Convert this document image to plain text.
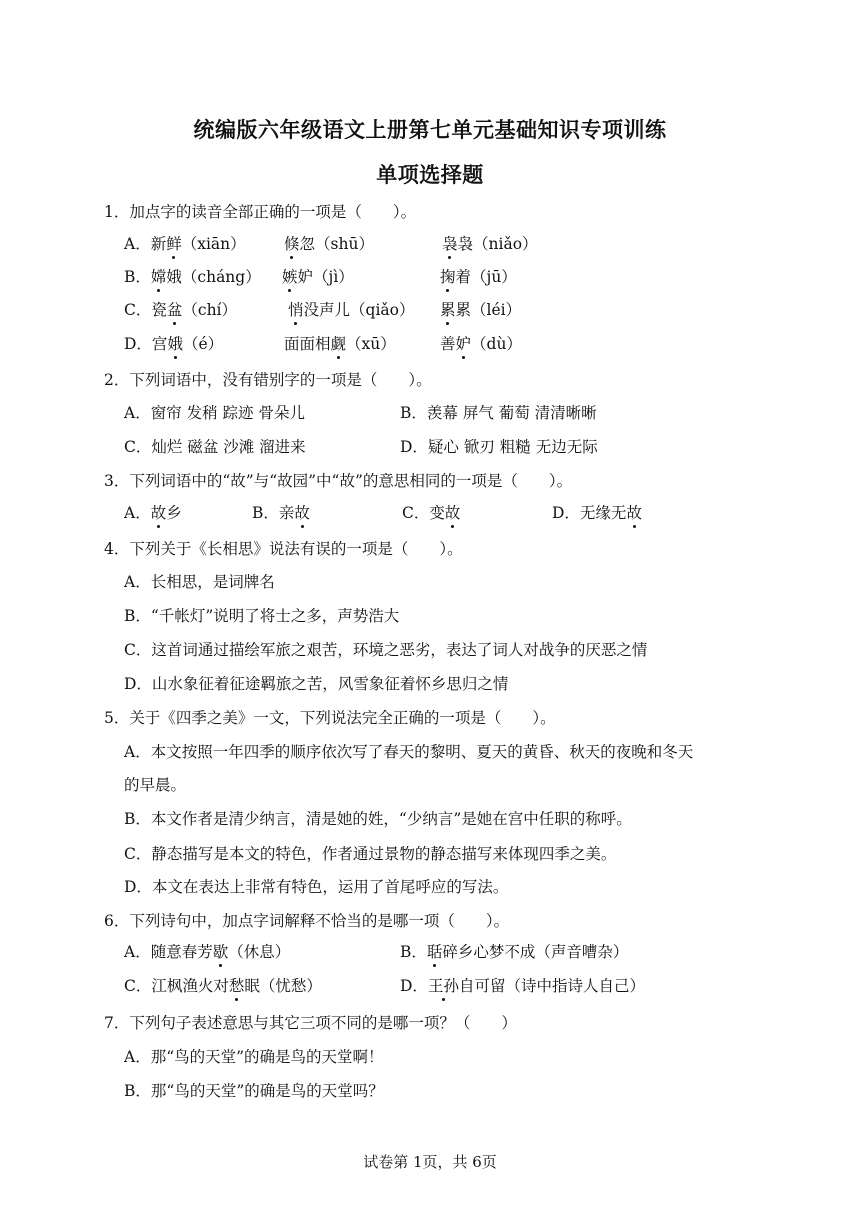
统编版六年级语文上册第七单元基础知识专项训练
单项选择题
1．加点字的读音全部正确的一项是（　　）。
A．新鲜（xiān） 倏忽（shū）	袅袅（niǎo）
B．嫦娥（cháng） 嫉妒（jì）	掬着（jū）
C．瓷盆（chí）	悄没声儿（qiǎo） 累累（léi）
D．宫娥（é）	面面相觑（xū）	善妒（dù）
2．下列词语中，没有错别字的一项是（　　）。
A．窗帘 发稍 踪迹 骨朵儿	B．羡幕 屏气 葡萄 清清晰晰
C．灿烂 磁盆 沙滩 溜进来	D．疑心 锨刃 粗糙 无边无际
3．下列词语中的“故”与“故园”中“故”的意思相同的一项是（　　）。
A．故乡	B．亲故	C．变故	D．无缘无故
4．下列关于《长相思》说法有误的一项是（　　）。
A．长相思，是词牌名
B．“千帐灯”说明了将士之多，声势浩大
C．这首词通过描绘军旅之艰苦，环境之恶劣，表达了词人对战争的厌恶之情
D．山水象征着征途羁旅之苦，风雪象征着怀乡思归之情
5．关于《四季之美》一文，下列说法完全正确的一项是（　　）。
A．本文按照一年四季的顺序依次写了春天的黎明、夏天的黄昏、秋天的夜晚和冬天
的早晨。
B．本文作者是清少纳言，清是她的姓，“少纳言”是她在宫中任职的称呼。
C．静态描写是本文的特色，作者通过景物的静态描写来体现四季之美。
D．本文在表达上非常有特色，运用了首尾呼应的写法。
6．下列诗句中，加点字词解释不恰当的是哪一项（　　）。
A．随意春芳歇（休息）	B．聒碎乡心梦不成（声音嘈杂）
C．江枫渔火对愁眠（忧愁）	D．王孙自可留（诗中指诗人自己）
7．下列句子表述意思与其它三项不同的是哪一项？（　　）
A．那“鸟的天堂”的确是鸟的天堂啊！
B．那“鸟的天堂”的确是鸟的天堂吗？
试卷第 1页，共 6页
